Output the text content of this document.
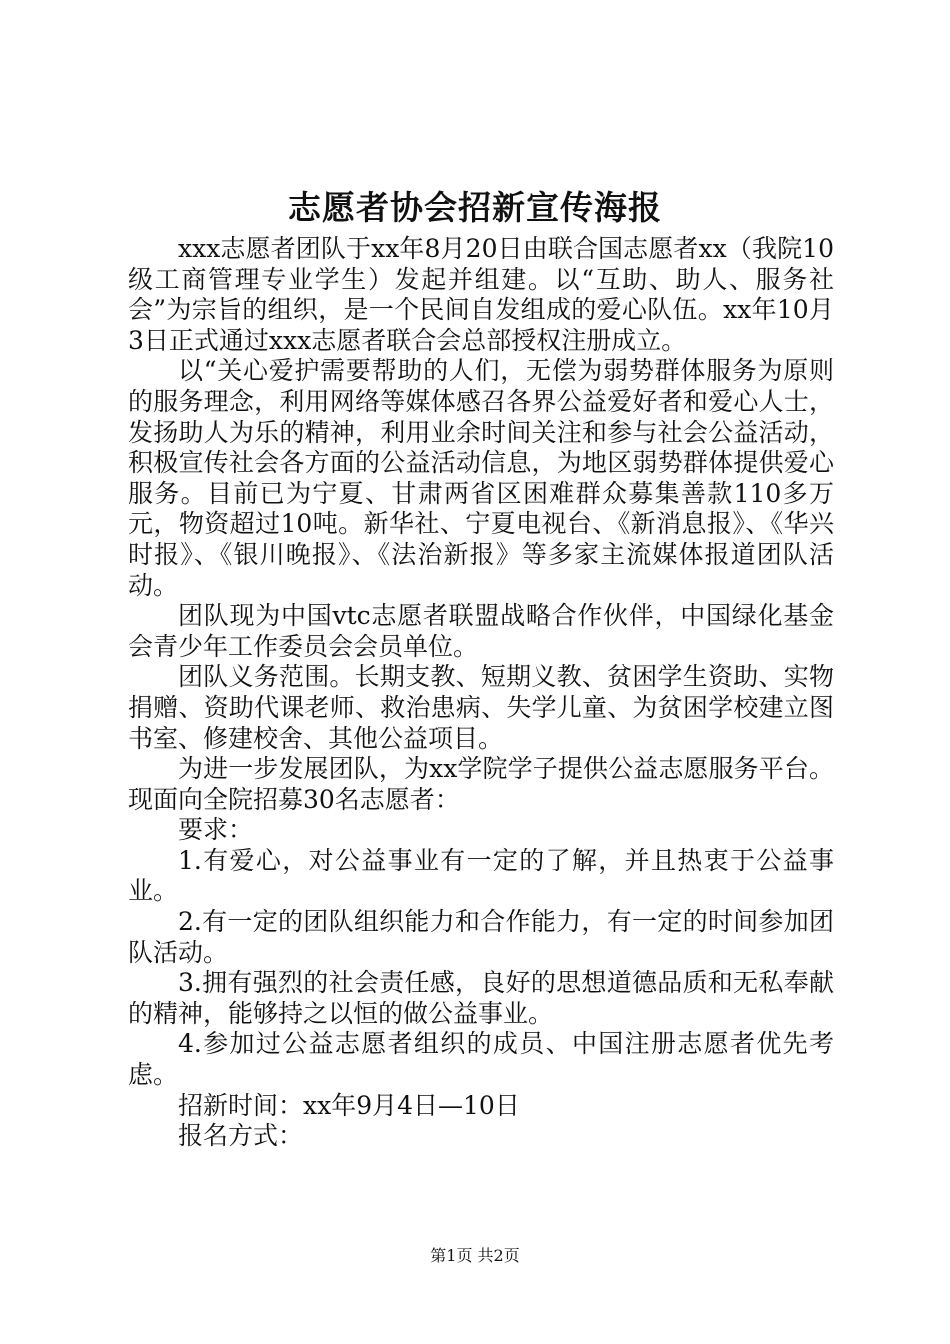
志愿者协会招新宣传海报

xxx志愿者团队于xx年8月20日由联合国志愿者xx（我院10级工商管理专业学生）发起并组建。以“互助、助人、服务社会”为宗旨的组织，是一个民间自发组成的爱心队伍。xx年10月3日正式通过xxx志愿者联合会总部授权注册成立。

以“关心爱护需要帮助的人们，无偿为弱势群体服务为原则的服务理念，利用网络等媒体感召各界公益爱好者和爱心人士，发扬助人为乐的精神，利用业余时间关注和参与社会公益活动，积极宣传社会各方面的公益活动信息，为地区弱势群体提供爱心服务。目前已为宁夏、甘肃两省区困难群众募集善款110多万元，物资超过10吨。新华社、宁夏电视台、《新消息报》、《华兴时报》、《银川晚报》、《法治新报》等多家主流媒体报道团队活动。

团队现为中国vtc志愿者联盟战略合作伙伴，中国绿化基金会青少年工作委员会会员单位。

团队义务范围。长期支教、短期义教、贫困学生资助、实物捐赠、资助代课老师、救治患病、失学儿童、为贫困学校建立图书室、修建校舍、其他公益项目。

为进一步发展团队，为xx学院学子提供公益志愿服务平台。现面向全院招募30名志愿者：

要求：

1.有爱心，对公益事业有一定的了解，并且热衷于公益事业。

2.有一定的团队组织能力和合作能力，有一定的时间参加团队活动。

3.拥有强烈的社会责任感，良好的思想道德品质和无私奉献的精神，能够持之以恒的做公益事业。

4.参加过公益志愿者组织的成员、中国注册志愿者优先考虑。

招新时间：xx年9月4日—10日

报名方式：

第1页 共2页
